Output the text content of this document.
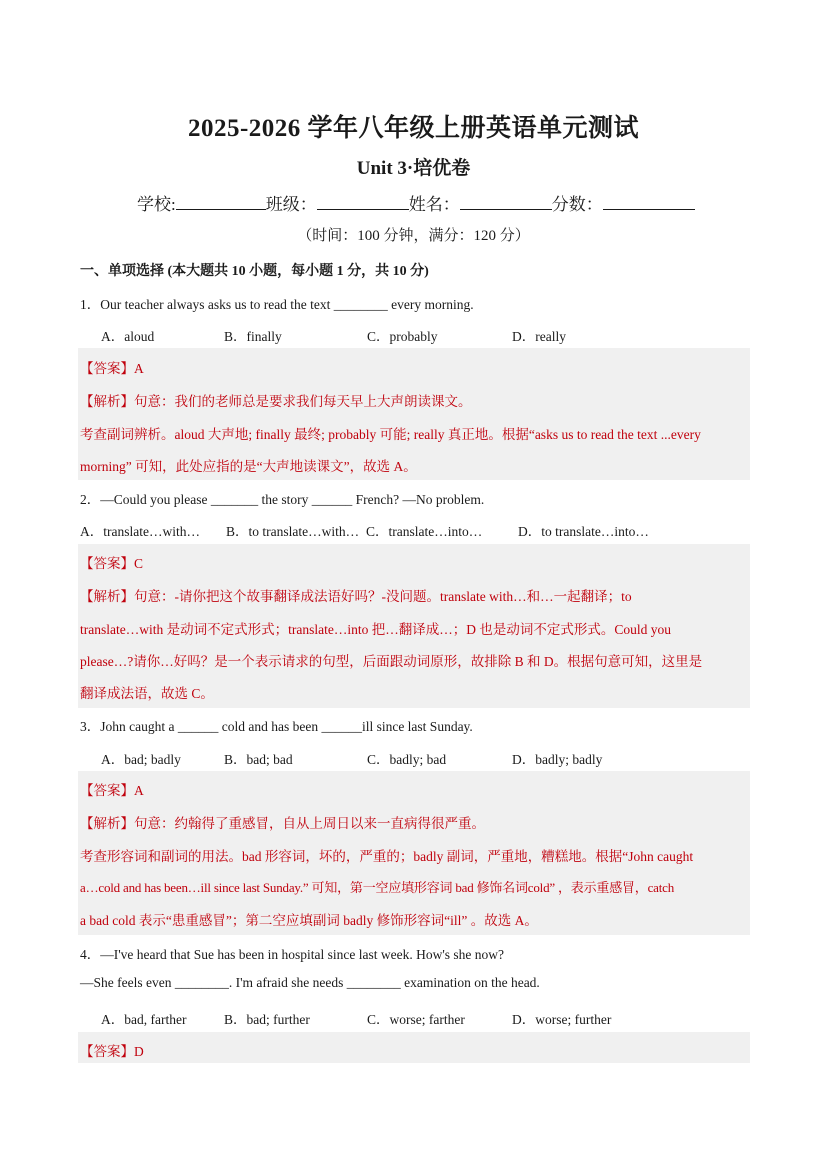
2025-2026 学年八年级上册英语单元测试
Unit 3·培优卷
学校:	班级：	姓名：	分数：
（时间：100 分钟，满分：120 分）
一、单项选择 (本大题共 10 小题，每小题 1 分，共 10 分)
1．Our teacher always asks us to read the text ________ every morning.
A．aloud	B．finally	C．probably	D．really
【答案】A
【解析】句意：我们的老师总是要求我们每天早上大声朗读课文。
考查副词辨析。aloud 大声地; finally 最终; probably 可能; really 真正地。根据“asks us to read the text ...every
morning” 可知，此处应指的是“大声地读课文”，故选 A。
2．—Could you please _______ the story ______ French? —No problem.
A．translate…with… B．to translate…with… C．translate…into…	D．to translate…into…
【答案】C
【解析】句意：-请你把这个故事翻译成法语好吗？-没问题。translate with…和…一起翻译；to
translate…with 是动词不定式形式；translate…into 把…翻译成…；D 也是动词不定式形式。Could you
please…?请你…好吗？是一个表示请求的句型，后面跟动词原形，故排除 B 和 D。根据句意可知，这里是
翻译成法语，故选 C。
3．John caught a ______ cold and has been ______ill since last Sunday.
A．bad; badly	B．bad; bad	C．badly; bad	D．badly; badly
【答案】A
【解析】句意：约翰得了重感冒，自从上周日以来一直病得很严重。
考查形容词和副词的用法。bad 形容词，坏的，严重的；badly 副词，严重地，糟糕地。根据“John caught
a…cold and has been…ill since last Sunday.” 可知，第一空应填形容词 bad 修饰名词cold” ，表示重感冒，catch
a bad cold 表示“患重感冒”；第二空应填副词 badly 修饰形容词“ill” 。故选 A。
4．—I've heard that Sue has been in hospital since last week. How's she now?
—She feels even ________. I'm afraid she needs ________ examination on the head.
A．bad, farther	B．bad; further	C．worse; farther	D．worse; further
【答案】D
